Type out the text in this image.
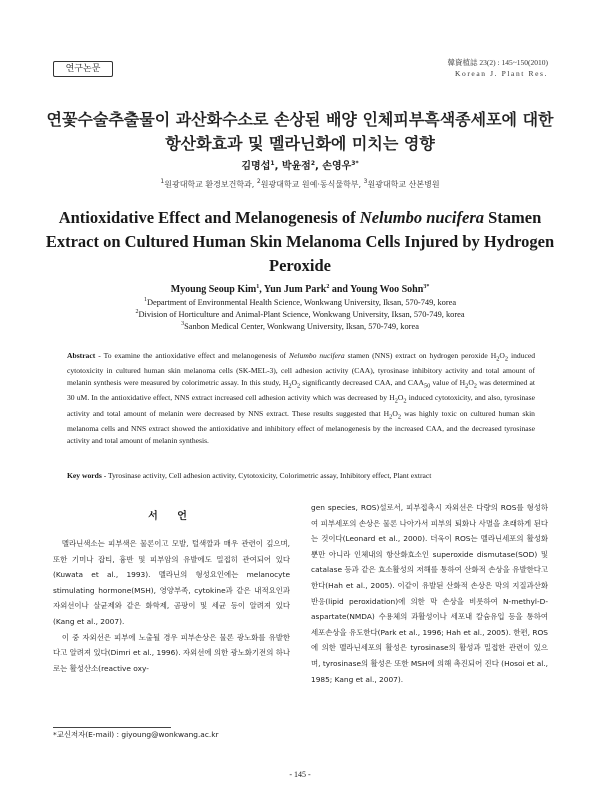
연구논문
韓資植誌 23(2) : 145~150(2010)
Korean J. Plant Res.
연꽃수술추출물이 과산화수소로 손상된 배양 인체피부흑색종세포에 대한 항산화효과 및 멜라닌화에 미치는 영향
김명섭$^1$, 박윤점$^2$, 손영우$^{3*}$
$^1$원광대학교 환경보건학과, $^2$원광대학교 원예·동식물학부, $^3$원광대학교 산본병원
Antioxidative Effect and Melanogenesis of Nelumbo nucifera Stamen Extract on Cultured Human Skin Melanoma Cells Injured by Hydrogen Peroxide
Myoung Seoup Kim$^1$, Yun Jum Park$^2$ and Young Woo Sohn$^{3*}$
$^1$Department of Environmental Health Science, Wonkwang University, Iksan, 570-749, korea
$^2$Division of Horticulture and Animal-Plant Science, Wonkwang University, Iksan, 570-749, korea
$^3$Sanbon Medical Center, Wonkwang University, Iksan, 570-749, korea
Abstract - To examine the antioxidative effect and melanogenesis of Nelumbo nucifera stamen (NNS) extract on hydrogen peroxide $H_2O_2$ induced cytotoxicity in cultured human skin melanoma cells (SK-MEL-3), cell adhesion activity (CAA), tyrosinase inhibitory activity and total amount of melanin synthesis were measured by colorimetric assay. In this study, $H_2O_2$ significantly decreased CAA, and $CAA_{50}$ value of $H_2O_2$ was determined at 30 uM. In the antioxidative effect, NNS extract increased cell adhesion activity which was decreased by $H_2O_2$ induced cytotoxicity, and also, tyrosinase activity and total amount of melanin were decreased by NNS extract. These results suggested that $H_2O_2$ was highly toxic on cultured human skin melanoma cells and NNS extract showed the antioxidative and inhibitory effect of melanogenesis by the increased CAA, and the decreased tyrosinase activity and total amount of melanin synthesis.
Key words - Tyrosinase activity, Cell adhesion activity, Cytotoxicity, Colorimetric assay, Inhibitory effect, Plant extract
서 언

멜라닌색소는 피부색은 물론이고 모발, 털색깔과 매우 관련이 깊으며, 또한 기미나 잡티, 흉반 및 피부암의 유발에도 밀접히 관여되어 있다(Kuwata et al., 1993). 멜라닌의 형성요인에는 melanocyte stimulating hormone(MSH), 영양부족, cytokine과 같은 내적요인과 자외선이나 살균제와 같은 화학제, 곰팡이 및 세균 등이 알려져 있다(Kang et al., 2007).

이 중 자외선은 피부에 노출될 경우 피부손상은 물론 광노화를 유발한다고 알려져 있다(Dimri et al., 1996). 자외선에 의한 광노화기전의 하나로는 활성산소(reactive oxy-

gen species, ROS)설로서, 피부접촉시 자외선은 다량의 ROS를 형성하여 피부세포의 손상은 물론 나아가서 피부의 퇴화나 사멸을 초래하게 된다는 것이다(Leonard et al., 2000). 더욱이 ROS는 멜라닌세포의 활성화뿐만 아니라 인체내의 항산화효소인 superoxide dismutase(SOD) 및 catalase 등과 같은 효소활성의 저해를 통하여 산화적 손상을 유발한다고 한다(Hah et al., 2005). 이같이 유발된 산화적 손상은 막의 지질과산화반응(lipid peroxidation)에 의한 막 손상을 비롯하여 N-methyl-D-aspartate(NMDA) 수용체의 과활성이나 세포내 칼슘유입 등을 통하여 세포손상을 유도한다(Park et al., 1996; Hah et al., 2005). 한편, ROS에 의한 멜라닌세포의 활성은 tyrosinase의 활성과 밀접한 관련이 있으며, tyrosinase의 활성은 또한 MSH에 의해 촉진되어 진다 (Hosoi et al., 1985; Kang et al., 2007).

*교신저자(E-mail) : giyoung@wonkwang.ac.kr
- 145 -
